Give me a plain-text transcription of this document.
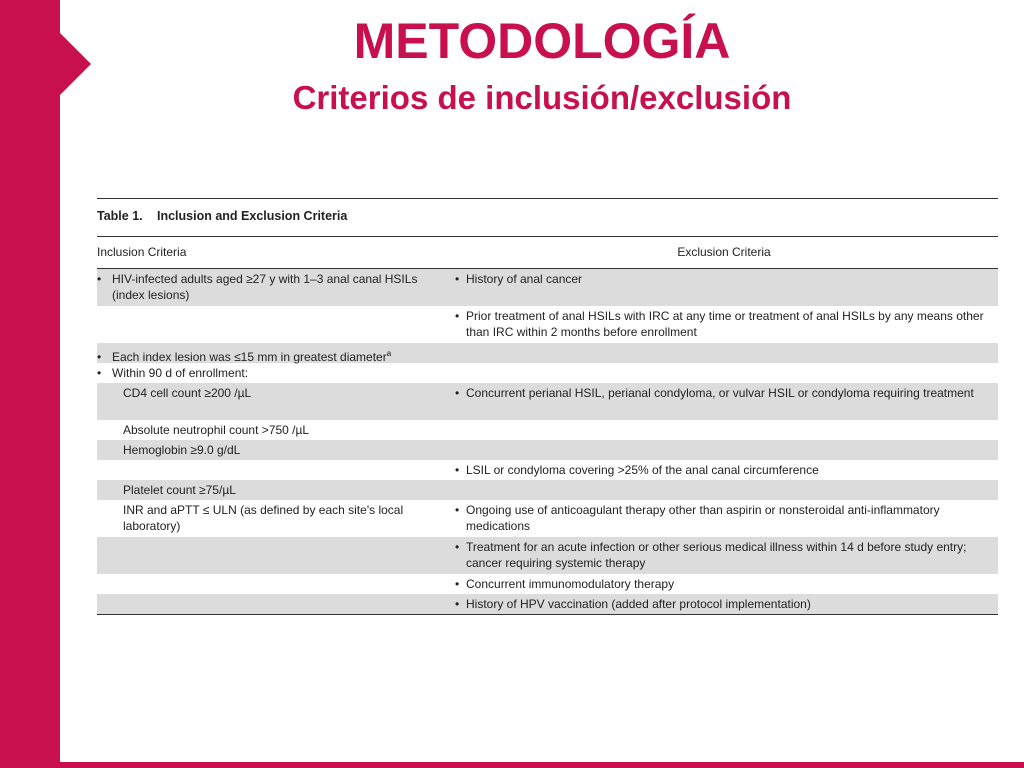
METODOLOGÍA
Criterios de inclusión/exclusión
Table 1. Inclusion and Exclusion Criteria
Inclusion Criteria	Exclusion Criteria
• HIV-infected adults aged ≥27 y with 1–3 anal canal HSILs (index lesions)
• History of anal cancer
• Prior treatment of anal HSILs with IRC at any time or treatment of anal HSILs by any means other than IRC within 2 months before enrollment
• Each index lesion was ≤15 mm in greatest diameter$^a$
• Within 90 d of enrollment:
CD4 cell count ≥200 /µL	• Concurrent perianal HSIL, perianal condyloma, or vulvar HSIL or condyloma requiring treatment
Absolute neutrophil count >750 /µL
Hemoglobin ≥9.0 g/dL
• LSIL or condyloma covering >25% of the anal canal circumference
Platelet count ≥75/µL
INR and aPTT ≤ ULN (as defined by each site's local laboratory)
• Ongoing use of anticoagulant therapy other than aspirin or nonsteroidal anti-inflammatory medications
• Treatment for an acute infection or other serious medical illness within 14 d before study entry; cancer requiring systemic therapy
• Concurrent immunomodulatory therapy
• History of HPV vaccination (added after protocol implementation)
